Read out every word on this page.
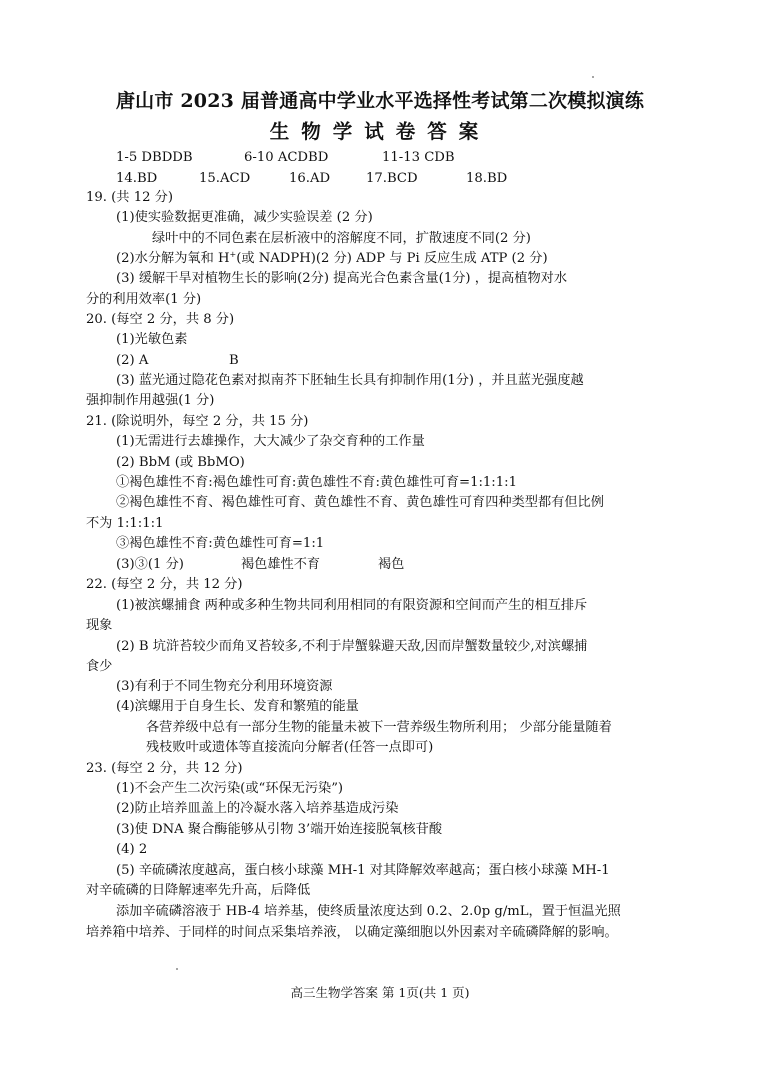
唐山市 2023 届普通高中学业水平选择性考试第二次模拟演练
生物学试卷答案
1-5 DBDDB	6-10 ACDBD	11-13 CDB
14.BD	15.ACD	16.AD	17.BCD	18.BD
19. (共 12 分)
(1)使实验数据更准确，减少实验误差 (2 分)
绿叶中的不同色素在层析液中的溶解度不同，扩散速度不同(2 分)
(2)水分解为氧和 H+(或 NADPH)(2 分) ADP 与 Pi 反应生成 ATP (2 分)
(3) 缓解干旱对植物生长的影响(2分) 提高光合色素含量(1分) ，提高植物对水
分的利用效率(1 分)
20. (每空 2 分，共 8 分)
(1)光敏色素
(2) A	B
(3) 蓝光通过隐花色素对拟南芥下胚轴生长具有抑制作用(1分) ，并且蓝光强度越
强抑制作用越强(1 分)
21. (除说明外，每空 2 分，共 15 分)
(1)无需进行去雄操作，大大减少了杂交育种的工作量
(2) BbM (或 BbMO)
①褐色雄性不育:褐色雄性可育:黄色雄性不育:黄色雄性可育=1:1:1:1
②褐色雄性不育、褐色雄性可育、黄色雄性不育、黄色雄性可育四种类型都有但比例
不为 1:1:1:1
③褐色雄性不育:黄色雄性可育=1:1
(3)③(1 分)	褐色雄性不育	褐色
22. (每空 2 分，共 12 分)
(1)被滨螺捕食 两种或多种生物共同利用相同的有限资源和空间而产生的相互排斥
现象
(2) B 坑浒苔较少而角叉苔较多,不利于岸蟹躲避天敌,因而岸蟹数量较少,对滨螺捕
食少
(3)有利于不同生物充分利用环境资源
(4)滨螺用于自身生长、发育和繁殖的能量
各营养级中总有一部分生物的能量未被下一营养级生物所利用； 少部分能量随着
残枝败叶或遗体等直接流向分解者(任答一点即可)
23. (每空 2 分，共 12 分)
(1)不会产生二次污染(或“环保无污染”)
(2)防止培养皿盖上的冷凝水落入培养基造成污染
(3)使 DNA 聚合酶能够从引物 3’端开始连接脱氧核苷酸
(4) 2
(5) 辛硫磷浓度越高，蛋白核小球藻 MH-1 对其降解效率越高；蛋白核小球藻 MH-1
对辛硫磷的日降解速率先升高，后降低
添加辛硫磷溶液于 HB-4 培养基，使终质量浓度达到 0.2、2.0p g/mL，置于恒温光照
培养箱中培养、于同样的时间点采集培养液， 以确定藻细胞以外因素对辛硫磷降解的影响。
高三生物学答案 第 1页(共 1 页)
